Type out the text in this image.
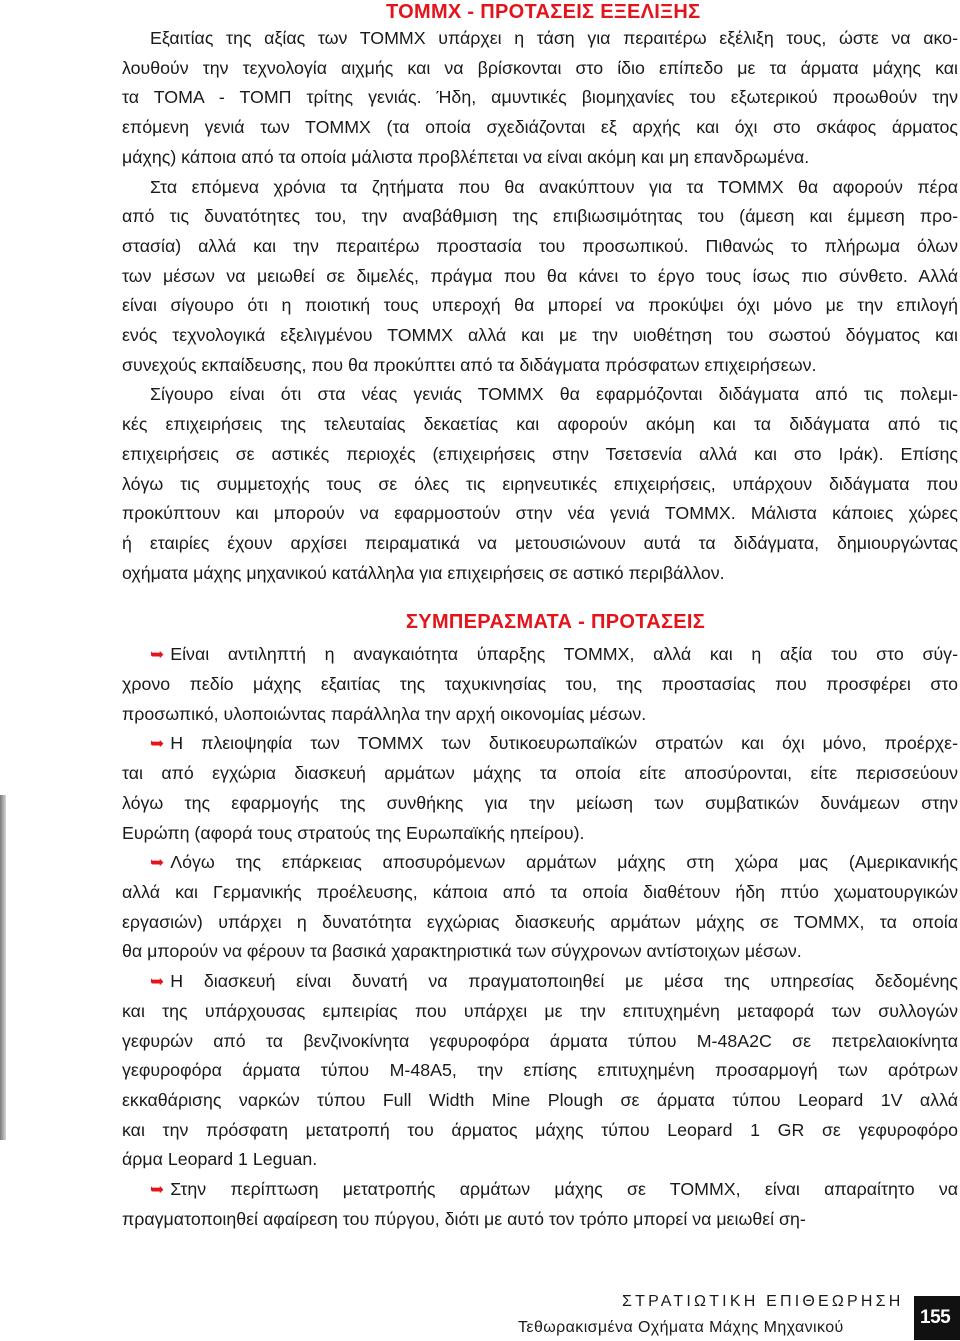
ΤΟΜΜΧ - ΠΡΟΤΑΣΕΙΣ ΕΞΕΛΙΞΗΣ

Εξαιτίας της αξίας των ΤΟΜΜΧ υπάρχει η τάση για περαιτέρω εξέλιξη τους, ώστε να ακο-
λουθούν την τεχνολογία αιχμής και να βρίσκονται στο ίδιο επίπεδο με τα άρματα μάχης και
τα ΤΟΜΑ - ΤΟΜΠ τρίτης γενιάς. Ήδη, αμυντικές βιομηχανίες του εξωτερικού προωθούν την
επόμενη γενιά των ΤΟΜΜΧ (τα οποία σχεδιάζονται εξ αρχής και όχι στο σκάφος άρματος
μάχης) κάποια από τα οποία μάλιστα προβλέπεται να είναι ακόμη και μη επανδρωμένα.

Στα επόμενα χρόνια τα ζητήματα που θα ανακύπτουν για τα ΤΟΜΜΧ θα αφορούν πέρα
από τις δυνατότητες του, την αναβάθμιση της επιβιωσιμότητας του (άμεση και έμμεση προ-
στασία) αλλά και την περαιτέρω προστασία του προσωπικού. Πιθανώς το πλήρωμα όλων
των μέσων να μειωθεί σε διμελές, πράγμα που θα κάνει το έργο τους ίσως πιο σύνθετο. Αλλά
είναι σίγουρο ότι η ποιοτική τους υπεροχή θα μπορεί να προκύψει όχι μόνο με την επιλογή
ενός τεχνολογικά εξελιγμένου ΤΟΜΜΧ αλλά και με την υιοθέτηση του σωστού δόγματος και
συνεχούς εκπαίδευσης, που θα προκύπτει από τα διδάγματα πρόσφατων επιχειρήσεων.

Σίγουρο είναι ότι στα νέας γενιάς ΤΟΜΜΧ θα εφαρμόζονται διδάγματα από τις πολεμι-
κές επιχειρήσεις της τελευταίας δεκαετίας και αφορούν ακόμη και τα διδάγματα από τις
επιχειρήσεις σε αστικές περιοχές (επιχειρήσεις στην Τσετσενία αλλά και στο Ιράκ). Επίσης
λόγω τις συμμετοχής τους σε όλες τις ειρηνευτικές επιχειρήσεις, υπάρχουν διδάγματα που
προκύπτουν και μπορούν να εφαρμοστούν στην νέα γενιά ΤΟΜΜΧ. Μάλιστα κάποιες χώρες
ή εταιρίες έχουν αρχίσει πειραματικά να μετουσιώνουν αυτά τα διδάγματα, δημιουργώντας
οχήματα μάχης μηχανικού κατάλληλα για επιχειρήσεις σε αστικό περιβάλλον.

ΣΥΜΠΕΡΑΣΜΑΤΑ - ΠΡΟΤΑΣΕΙΣ

➥ Είναι αντιληπτή η αναγκαιότητα ύπαρξης ΤΟΜΜΧ, αλλά και η αξία του στο σύγ-
χρονο πεδίο μάχης εξαιτίας της ταχυκινησίας του, της προστασίας που προσφέρει στο
προσωπικό, υλοποιώντας παράλληλα την αρχή οικονομίας μέσων.

➥ Η πλειοψηφία των ΤΟΜΜΧ των δυτικοευρωπαϊκών στρατών και όχι μόνο, προέρχε-
ται από εγχώρια διασκευή αρμάτων μάχης τα οποία είτε αποσύρονται, είτε περισσεύουν
λόγω της εφαρμογής της συνθήκης για την μείωση των συμβατικών δυνάμεων στην
Ευρώπη (αφορά τους στρατούς της Ευρωπαϊκής ηπείρου).

➥ Λόγω της επάρκειας αποσυρόμενων αρμάτων μάχης στη χώρα μας (Αμερικανικής
αλλά και Γερμανικής προέλευσης, κάποια από τα οποία διαθέτουν ήδη πτύο χωματουργικών
εργασιών) υπάρχει η δυνατότητα εγχώριας διασκευής αρμάτων μάχης σε ΤΟΜΜΧ, τα οποία
θα μπορούν να φέρουν τα βασικά χαρακτηριστικά των σύγχρονων αντίστοιχων μέσων.

➥ Η διασκευή είναι δυνατή να πραγματοποιηθεί με μέσα της υπηρεσίας δεδομένης
και της υπάρχουσας εμπειρίας που υπάρχει με την επιτυχημένη μεταφορά των συλλογών
γεφυρών από τα βενζινοκίνητα γεφυροφόρα άρματα τύπου Μ-48Α2C σε πετρελαιοκίνητα
γεφυροφόρα άρματα τύπου Μ-48Α5, την επίσης επιτυχημένη προσαρμογή των αρότρων
εκκαθάρισης ναρκών τύπου Full Width Mine Plough σε άρματα τύπου Leopard 1V αλλά
και την πρόσφατη μετατροπή του άρματος μάχης τύπου Leopard 1 GR σε γεφυροφόρο
άρμα Leopard 1 Leguan.

➥ Στην περίπτωση μετατροπής αρμάτων μάχης σε ΤΟΜΜΧ, είναι απαραίτητο να
πραγματοποιηθεί αφαίρεση του πύργου, διότι με αυτό τον τρόπο μπορεί να μειωθεί ση-

ΣΤΡΑΤΙΩΤΙΚΗ ΕΠΙΘΕΩΡΗΣΗ
155
Τεθωρακισμένα Οχήματα Μάχης Μηχανικού
